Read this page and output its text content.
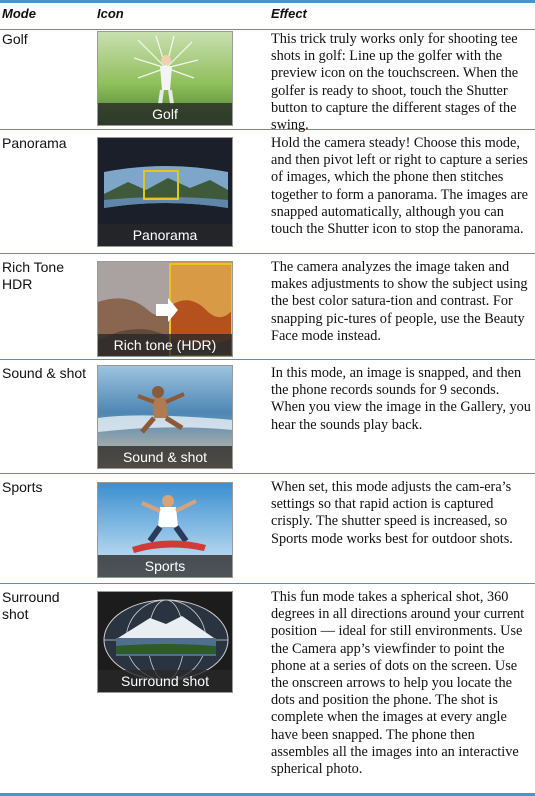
Mode	Icon	Effect
Golf
Golf
This trick truly works only for shooting tee shots in golf: Line up the golfer with the preview icon on the touchscreen. When the golfer is ready to shoot, touch the Shutter button to capture the different stages of the swing.
Panorama
Panorama
Hold the camera steady! Choose this mode, and then pivot left or right to capture a series of images, which the phone then stitches together to form a panorama. The images are snapped automatically, although you can touch the Shutter icon to stop the panorama.
Rich Tone HDR
Rich tone (HDR)
The camera analyzes the image taken and makes adjustments to show the subject using the best color satura-tion and contrast. For snapping pic-tures of people, use the Beauty Face mode instead.
Sound & shot
Sound & shot
In this mode, an image is snapped, and then the phone records sounds for 9 seconds. When you view the image in the Gallery, you hear the sounds play back.
Sports
Sports
When set, this mode adjusts the cam-era’s settings so that rapid action is captured crisply. The shutter speed is increased, so Sports mode works best for outdoor shots.
Surround shot
Surround shot
This fun mode takes a spherical shot, 360 degrees in all directions around your current position — ideal for still environments. Use the Camera app’s viewfinder to point the phone at a series of dots on the screen. Use the onscreen arrows to help you locate the dots and position the phone. The shot is complete when the images at every angle have been snapped. The phone then assembles all the images into an interactive spherical photo.
